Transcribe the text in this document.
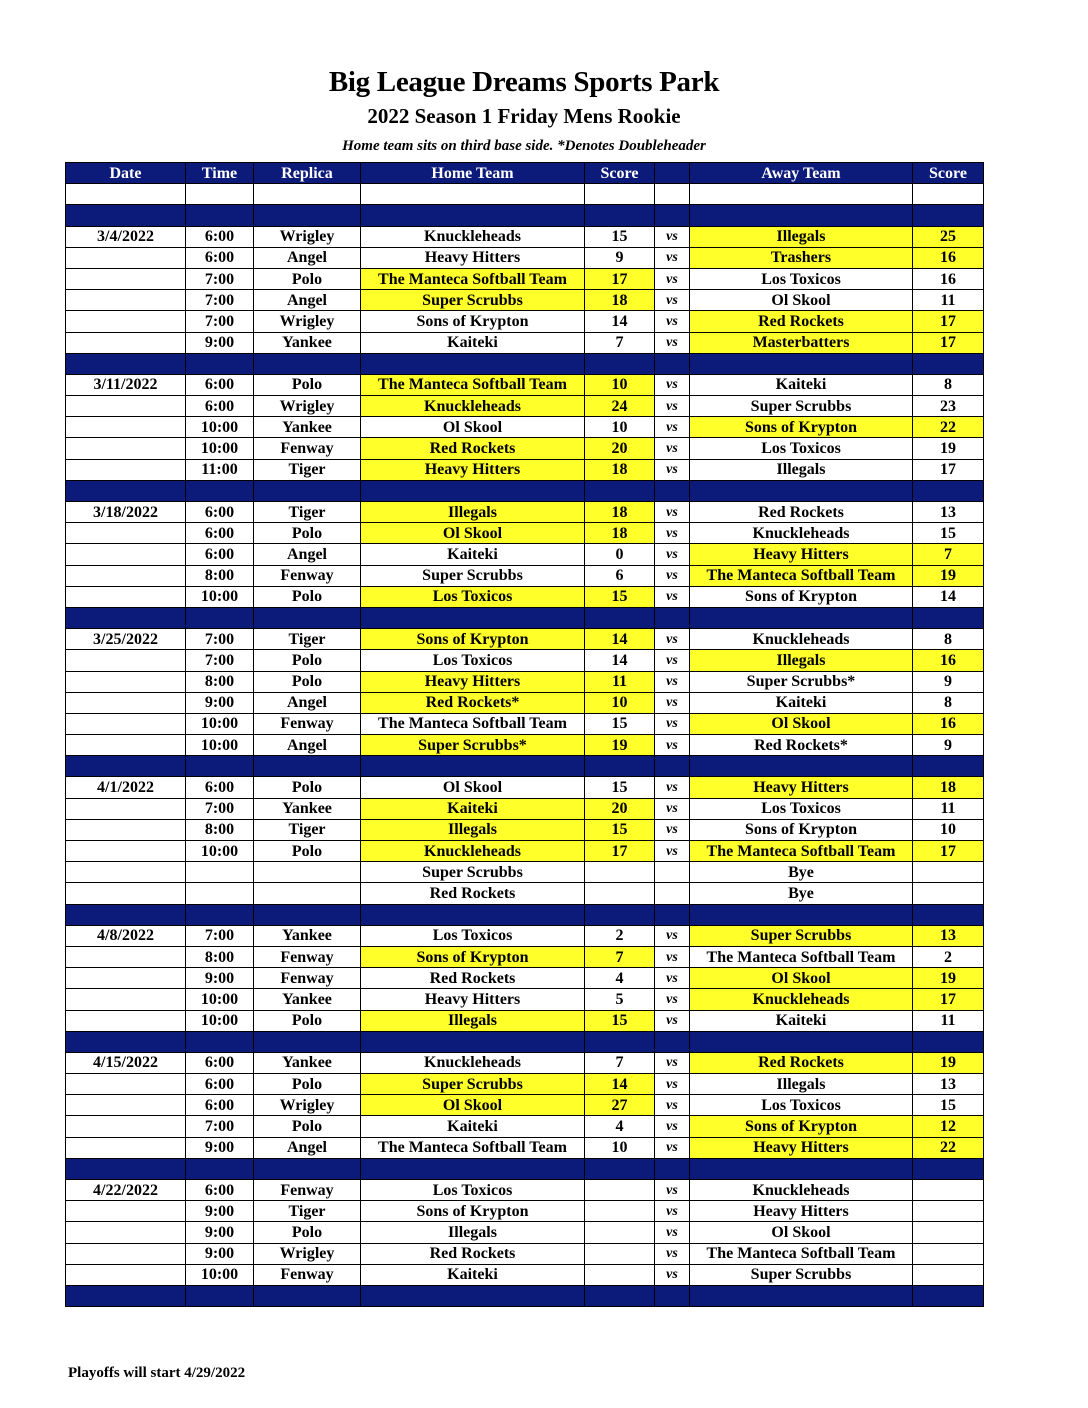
Big League Dreams Sports Park
2022 Season 1 Friday Mens Rookie
Home team sits on third base side. *Denotes Doubleheader
Date	Time	Replica	Home Team	Score		Away Team	Score

3/4/2022	6:00	Wrigley	Knuckleheads	15	vs	Illegals	25
	6:00	Angel	Heavy Hitters	9	vs	Trashers	16
	7:00	Polo	The Manteca Softball Team	17	vs	Los Toxicos	16
	7:00	Angel	Super Scrubbs	18	vs	Ol Skool	11
	7:00	Wrigley	Sons of Krypton	14	vs	Red Rockets	17
	9:00	Yankee	Kaiteki	7	vs	Masterbatters	17

3/11/2022	6:00	Polo	The Manteca Softball Team	10	vs	Kaiteki	8
	6:00	Wrigley	Knuckleheads	24	vs	Super Scrubbs	23
	10:00	Yankee	Ol Skool	10	vs	Sons of Krypton	22
	10:00	Fenway	Red Rockets	20	vs	Los Toxicos	19
	11:00	Tiger	Heavy Hitters	18	vs	Illegals	17

3/18/2022	6:00	Tiger	Illegals	18	vs	Red Rockets	13
	6:00	Polo	Ol Skool	18	vs	Knuckleheads	15
	6:00	Angel	Kaiteki	0	vs	Heavy Hitters	7
	8:00	Fenway	Super Scrubbs	6	vs	The Manteca Softball Team	19
	10:00	Polo	Los Toxicos	15	vs	Sons of Krypton	14

3/25/2022	7:00	Tiger	Sons of Krypton	14	vs	Knuckleheads	8
	7:00	Polo	Los Toxicos	14	vs	Illegals	16
	8:00	Polo	Heavy Hitters	11	vs	Super Scrubbs*	9
	9:00	Angel	Red Rockets*	10	vs	Kaiteki	8
	10:00	Fenway	The Manteca Softball Team	15	vs	Ol Skool	16
	10:00	Angel	Super Scrubbs*	19	vs	Red Rockets*	9

4/1/2022	6:00	Polo	Ol Skool	15	vs	Heavy Hitters	18
	7:00	Yankee	Kaiteki	20	vs	Los Toxicos	11
	8:00	Tiger	Illegals	15	vs	Sons of Krypton	10
	10:00	Polo	Knuckleheads	17	vs	The Manteca Softball Team	17
			Super Scrubbs			Bye	
			Red Rockets			Bye	

4/8/2022	7:00	Yankee	Los Toxicos	2	vs	Super Scrubbs	13
	8:00	Fenway	Sons of Krypton	7	vs	The Manteca Softball Team	2
	9:00	Fenway	Red Rockets	4	vs	Ol Skool	19
	10:00	Yankee	Heavy Hitters	5	vs	Knuckleheads	17
	10:00	Polo	Illegals	15	vs	Kaiteki	11

4/15/2022	6:00	Yankee	Knuckleheads	7	vs	Red Rockets	19
	6:00	Polo	Super Scrubbs	14	vs	Illegals	13
	6:00	Wrigley	Ol Skool	27	vs	Los Toxicos	15
	7:00	Polo	Kaiteki	4	vs	Sons of Krypton	12
	9:00	Angel	The Manteca Softball Team	10	vs	Heavy Hitters	22

4/22/2022	6:00	Fenway	Los Toxicos		vs	Knuckleheads	
	9:00	Tiger	Sons of Krypton		vs	Heavy Hitters	
	9:00	Polo	Illegals		vs	Ol Skool	
	9:00	Wrigley	Red Rockets		vs	The Manteca Softball Team	
	10:00	Fenway	Kaiteki		vs	Super Scrubbs	

Playoffs will start 4/29/2022
